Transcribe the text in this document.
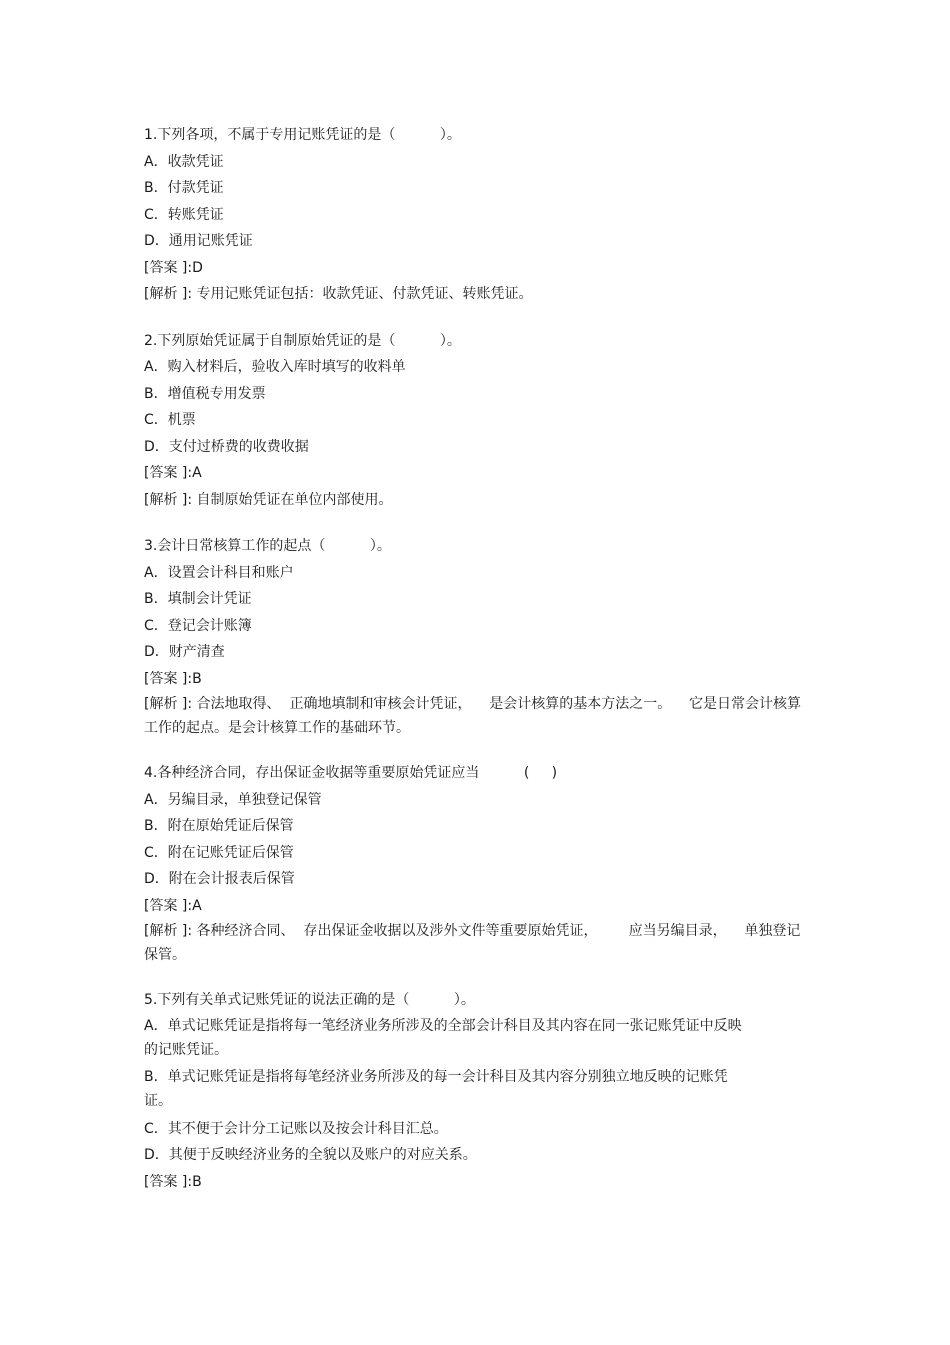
1.下列各项，不属于专用记账凭证的是（          ）。

A．收款凭证

B．付款凭证

C．转账凭证

D．通用记账凭证

[答案 ]:D

[解析 ]: 专用记账凭证包括：收款凭证、付款凭证、转账凭证。

2.下列原始凭证属于自制原始凭证的是（          ）。

A．购入材料后，验收入库时填写的收料单

B．增值税专用发票

C．机票

D．支付过桥费的收费收据

[答案 ]:A

[解析 ]: 自制原始凭证在单位内部使用。

3.会计日常核算工作的起点（          ）。

A．设置会计科目和账户

B．填制会计凭证

C．登记会计账簿

D．财产清查

[答案 ]:B

[解析 ]: 合法地取得、  正确地填制和审核会计凭证，    是会计核算的基本方法之一。    它是日常会计核算工作的起点。是会计核算工作的基础环节。

4.各种经济合同，存出保证金收据等重要原始凭证应当          (     )

A．另编目录，单独登记保管

B．附在原始凭证后保管

C．附在记账凭证后保管

D．附在会计报表后保管

[答案 ]:A

[解析 ]: 各种经济合同、  存出保证金收据以及涉外文件等重要原始凭证，       应当另编目录，    单独登记保管。

5.下列有关单式记账凭证的说法正确的是（          ）。

A．单式记账凭证是指将每一笔经济业务所涉及的全部会计科目及其内容在同一张记账凭证中反映的记账凭证。

B．单式记账凭证是指将每笔经济业务所涉及的每一会计科目及其内容分别独立地反映的记账凭证。

C．其不便于会计分工记账以及按会计科目汇总。

D．其便于反映经济业务的全貌以及账户的对应关系。

[答案 ]:B
